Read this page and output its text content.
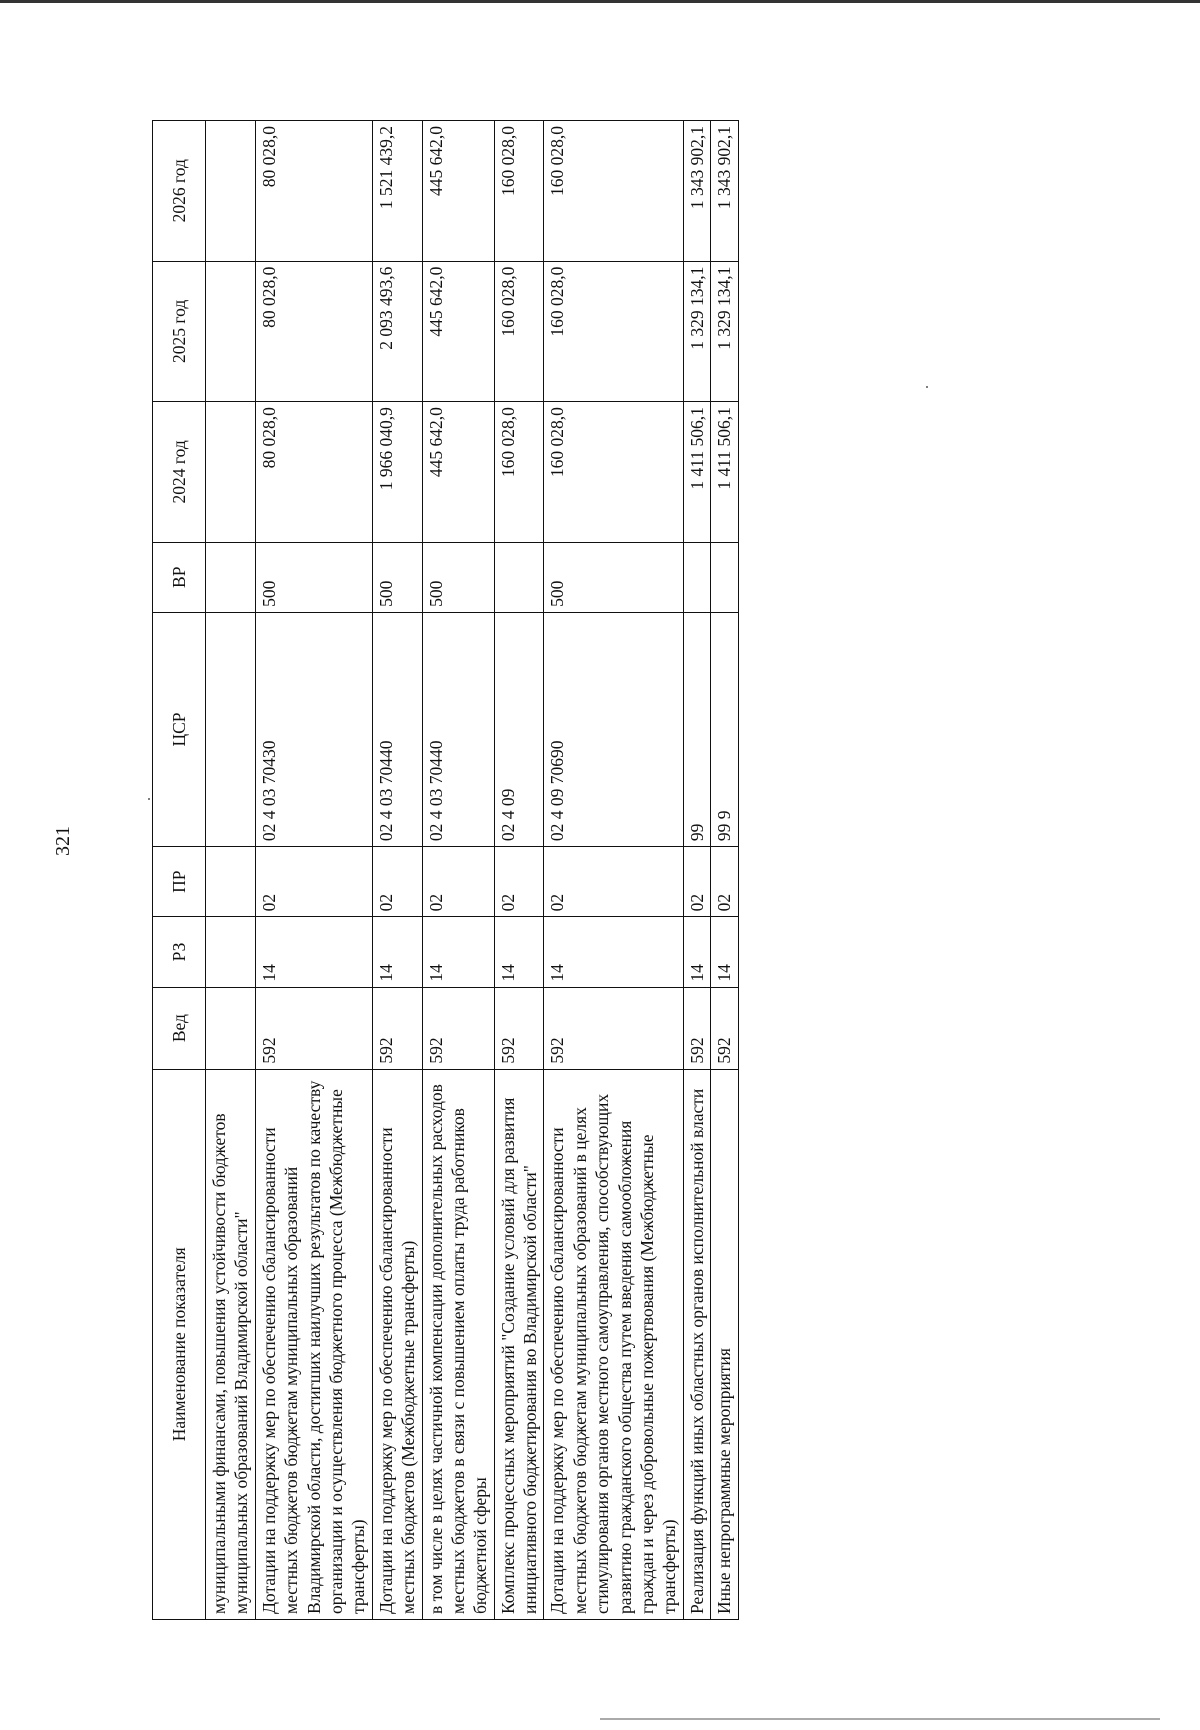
321
Наименование показателя	Вед	РЗ	ПР	ЦСР	ВР	2024 год	2025 год	2026 год
муниципальными финансами, повышения устойчивости бюджетов муниципальных образований Владимирской области"								
Дотации на поддержку мер по обеспечению сбалансированности местных бюджетов бюджетам муниципальных образований Владимирской области, достигших наилучших результатов по качеству организации и осуществления бюджетного процесса (Межбюджетные трансферты)	592	14	02	02 4 03 70430	500	80 028,0	80 028,0	80 028,0
Дотации на поддержку мер по обеспечению сбалансированности местных бюджетов (Межбюджетные трансферты)	592	14	02	02 4 03 70440	500	1 966 040,9	2 093 493,6	1 521 439,2
в том числе в целях частичной компенсации дополнительных расходов местных бюджетов в связи с повышением оплаты труда работников бюджетной сферы	592	14	02	02 4 03 70440	500	445 642,0	445 642,0	445 642,0
Комплекс процессных мероприятий "Создание условий для развития инициативного бюджетирования во Владимирской области"	592	14	02	02 4 09		160 028,0	160 028,0	160 028,0
Дотации на поддержку мер по обеспечению сбалансированности местных бюджетов бюджетам муниципальных образований в целях стимулирования органов местного самоуправления, способствующих развитию гражданского общества путем введения самообложения граждан и через добровольные пожертвования (Межбюджетные трансферты)	592	14	02	02 4 09 70690	500	160 028,0	160 028,0	160 028,0
Реализация функций иных областных органов исполнительной власти	592	14	02	99		1 411 506,1	1 329 134,1	1 343 902,1
Иные непрограммные мероприятия	592	14	02	99 9		1 411 506,1	1 329 134,1	1 343 902,1
